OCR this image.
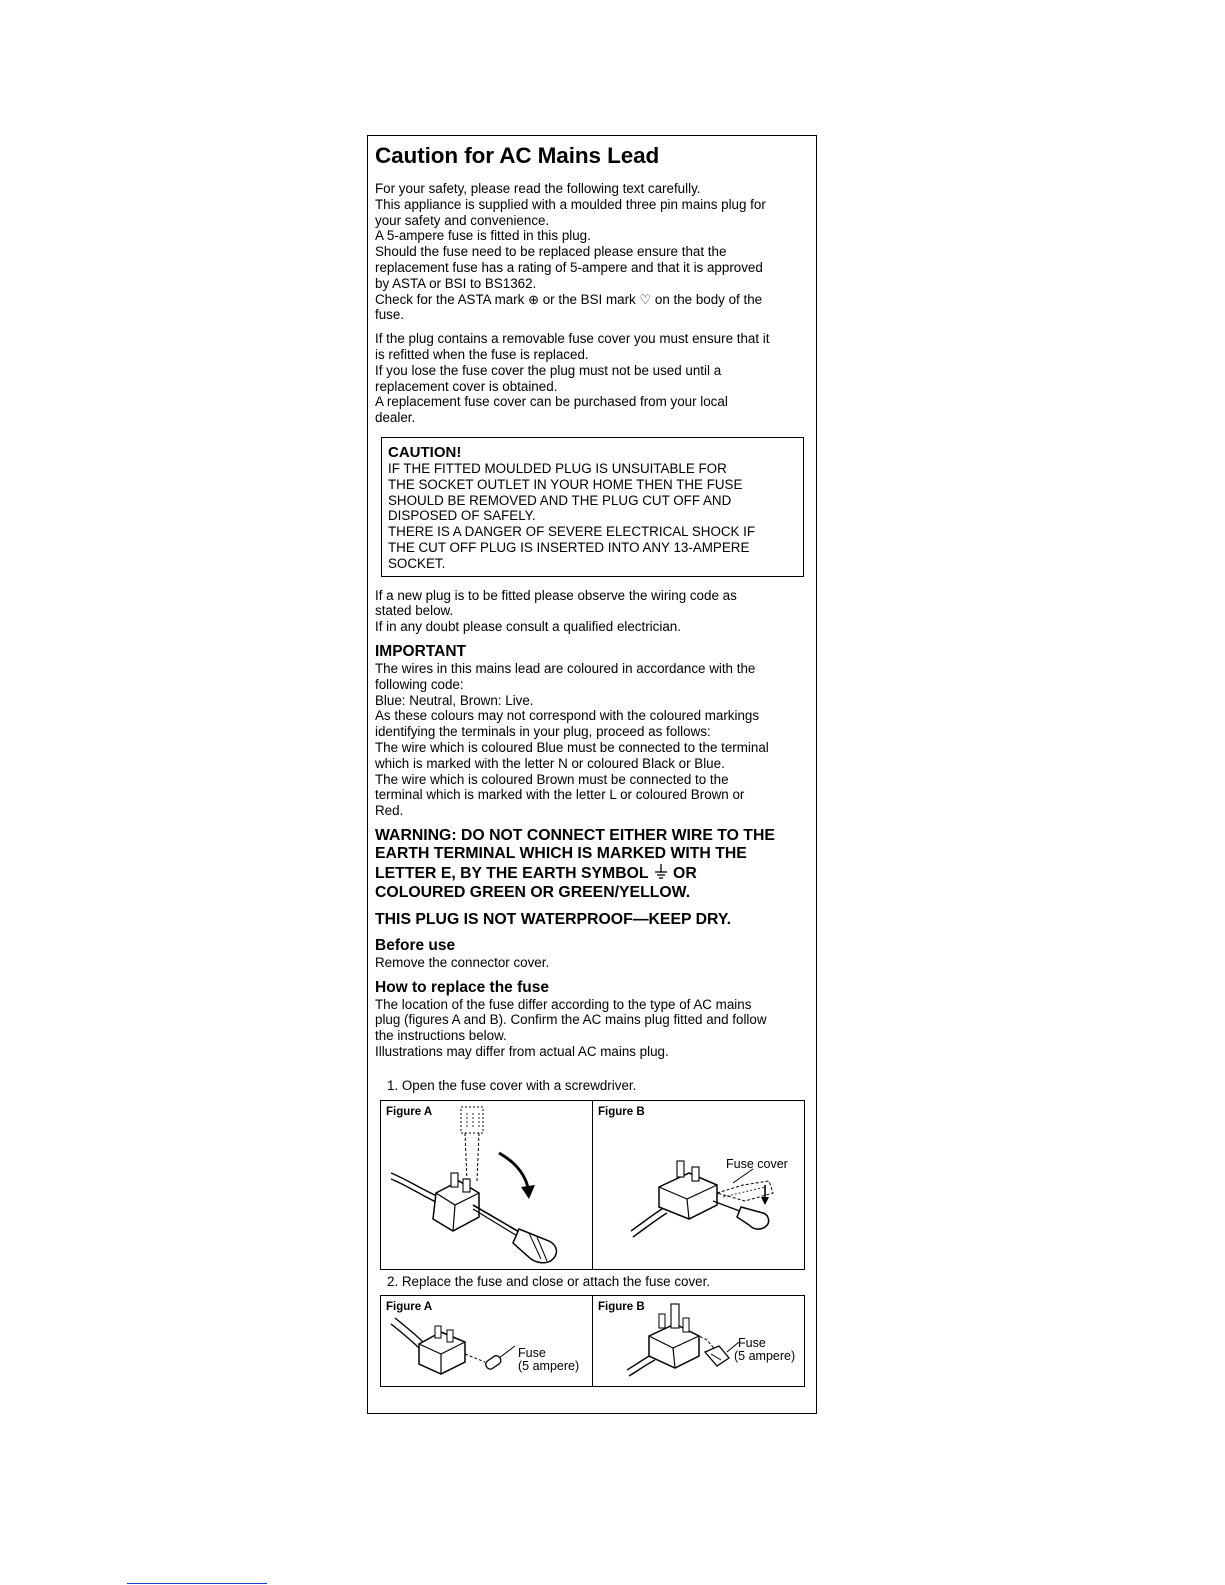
Caution for AC Mains Lead
For your safety, please read the following text carefully.
This appliance is supplied with a moulded three pin mains plug for
your safety and convenience.
A 5-ampere fuse is fitted in this plug.
Should the fuse need to be replaced please ensure that the
replacement fuse has a rating of 5-ampere and that it is approved
by ASTA or BSI to BS1362.
Check for the ASTA mark ⊕ or the BSI mark ♡ on the body of the
fuse.
If the plug contains a removable fuse cover you must ensure that it
is refitted when the fuse is replaced.
If you lose the fuse cover the plug must not be used until a
replacement cover is obtained.
A replacement fuse cover can be purchased from your local
dealer.
CAUTION!
IF THE FITTED MOULDED PLUG IS UNSUITABLE FOR
THE SOCKET OUTLET IN YOUR HOME THEN THE FUSE
SHOULD BE REMOVED AND THE PLUG CUT OFF AND
DISPOSED OF SAFELY.
THERE IS A DANGER OF SEVERE ELECTRICAL SHOCK IF
THE CUT OFF PLUG IS INSERTED INTO ANY 13-AMPERE
SOCKET.
If a new plug is to be fitted please observe the wiring code as
stated below.
If in any doubt please consult a qualified electrician.
IMPORTANT
The wires in this mains lead are coloured in accordance with the
following code:
Blue: Neutral, Brown: Live.
As these colours may not correspond with the coloured markings
identifying the terminals in your plug, proceed as follows:
The wire which is coloured Blue must be connected to the terminal
which is marked with the letter N or coloured Black or Blue.
The wire which is coloured Brown must be connected to the
terminal which is marked with the letter L or coloured Brown or
Red.
WARNING: DO NOT CONNECT EITHER WIRE TO THE
EARTH TERMINAL WHICH IS MARKED WITH THE
LETTER E, BY THE EARTH SYMBOL OR
COLOURED GREEN OR GREEN/YELLOW.
THIS PLUG IS NOT WATERPROOF—KEEP DRY.
Before use
Remove the connector cover.
How to replace the fuse
The location of the fuse differ according to the type of AC mains
plug (figures A and B). Confirm the AC mains plug fitted and follow
the instructions below.
Illustrations may differ from actual AC mains plug.
1. Open the fuse cover with a screwdriver.
Figure A	Figure B
Fuse cover
2. Replace the fuse and close or attach the fuse cover.
Figure A
Fuse
(5 ampere)
Figure B
Fuse
(5 ampere)
